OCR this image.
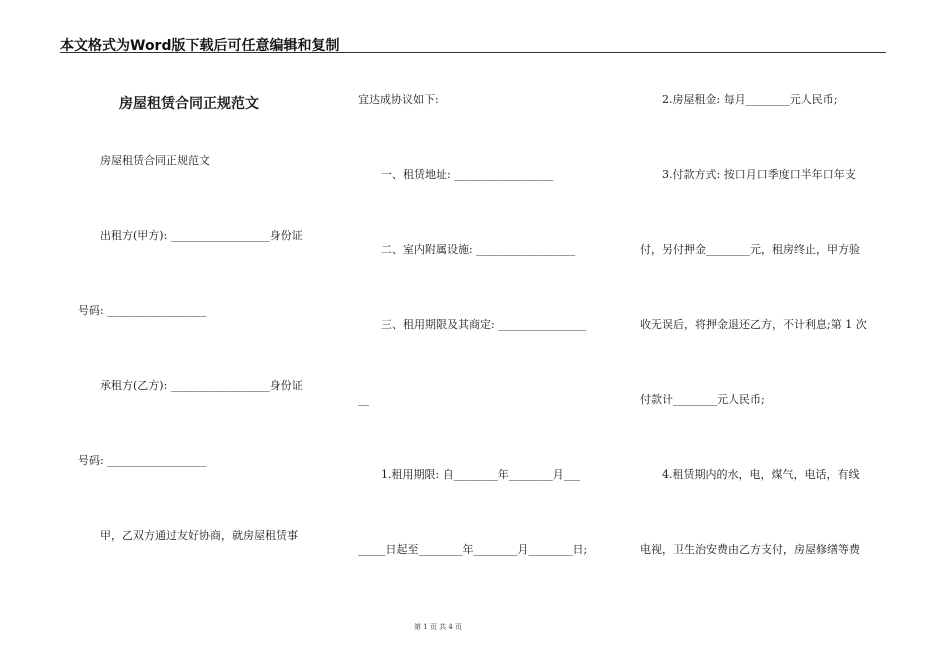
本文格式为Word版下载后可任意编辑和复制
房屋租赁合同正规范文
房屋租赁合同正规范文
出租方(甲方): __________________身份证
号码: __________________
承租方(乙方): __________________身份证
号码: __________________
甲，乙双方通过友好协商，就房屋租赁事
宜达成协议如下:
一、租赁地址: __________________
二、室内附属设施: __________________
三、租用期限及其商定: ________________
__
1.租用期限: 自________年________月___
_____日起至________年________月________日;
2.房屋租金: 每月________元人民币;
3.付款方式: 按口月口季度口半年口年支
付，另付押金________元，租房终止，甲方验
收无误后，将押金退还乙方，不计利息;第 1 次
付款计________元人民币;
4.租赁期内的水，电，煤气，电话，有线
电视，卫生治安费由乙方支付，房屋修缮等费
第 1 页 共 4 页
